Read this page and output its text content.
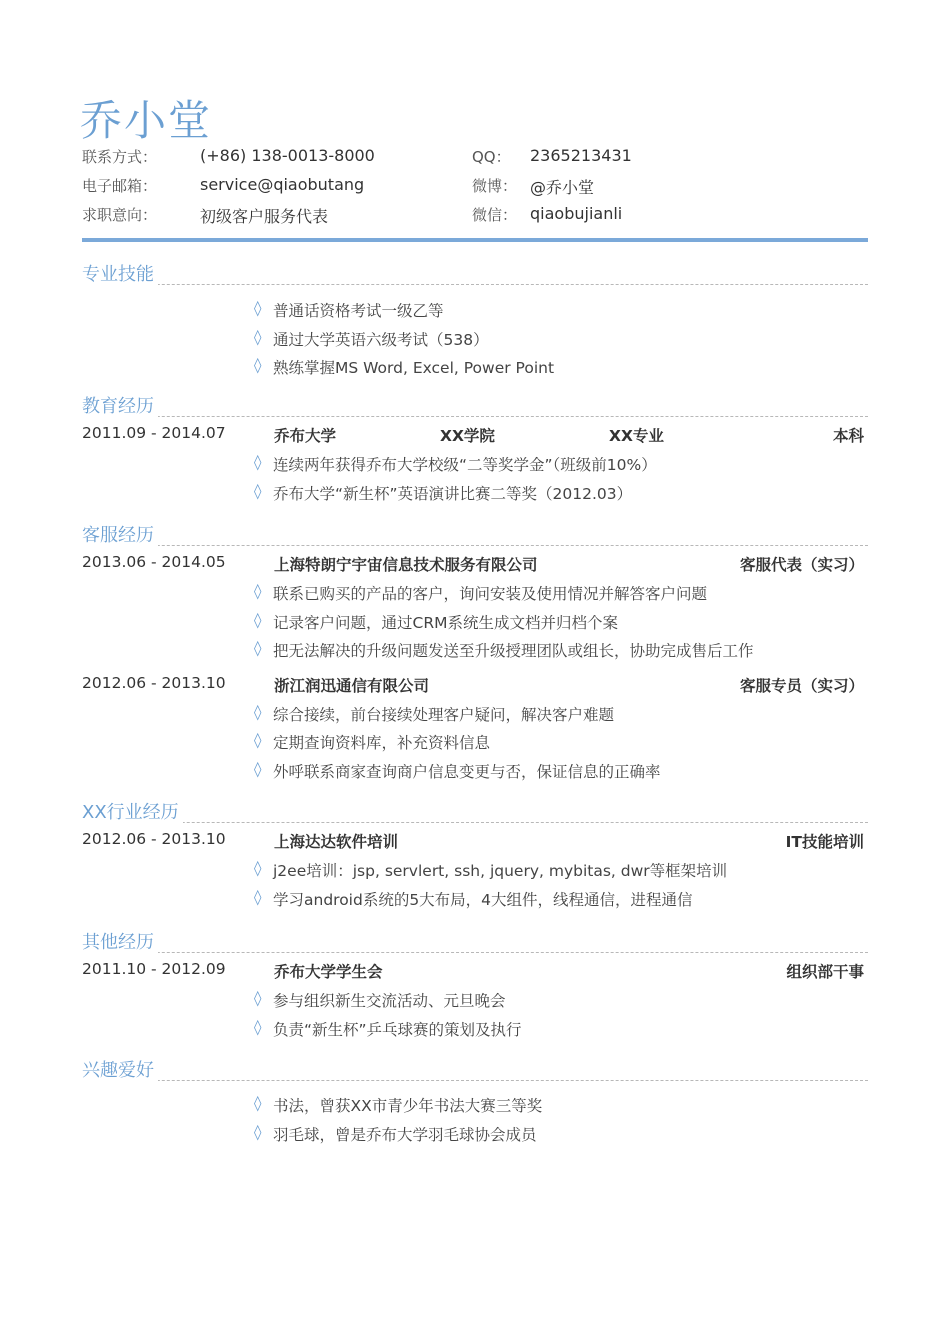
乔小堂
联系方式：	(+86) 138-0013-8000	QQ： 2365213431
电子邮箱：	service@qiaobutang	微博： @乔小堂
求职意向：	初级客户服务代表	微信： qiaobujianli
专业技能
◊ 普通话资格考试一级乙等
◊ 通过大学英语六级考试（538）
◊ 熟练掌握MS Word, Excel, Power Point
教育经历
2011.09 - 2014.07	乔布大学	XX学院	XX专业	本科
◊ 连续两年获得乔布大学校级“二等奖学金”（班级前10%）
◊ 乔布大学“新生杯”英语演讲比赛二等奖（2012.03）
客服经历
2013.06 - 2014.05	上海特朗宁宇宙信息技术服务有限公司	客服代表（实习）
◊ 联系已购买的产品的客户，询问安装及使用情况并解答客户问题
◊ 记录客户问题，通过CRM系统生成文档并归档个案
◊ 把无法解决的升级问题发送至升级授理团队或组长，协助完成售后工作
2012.06 - 2013.10	浙江润迅通信有限公司	客服专员（实习）
◊ 综合接续，前台接续处理客户疑问，解决客户难题
◊ 定期查询资料库，补充资料信息
◊ 外呼联系商家查询商户信息变更与否，保证信息的正确率
XX行业经历
2012.06 - 2013.10	上海达达软件培训	IT技能培训
◊ j2ee培训：jsp, servlert, ssh, jquery, mybitas, dwr等框架培训
◊ 学习android系统的5大布局，4大组件，线程通信，进程通信
其他经历
2011.10 - 2012.09	乔布大学学生会	组织部干事
◊ 参与组织新生交流活动、元旦晚会
◊ 负责“新生杯”乒乓球赛的策划及执行
兴趣爱好
◊ 书法，曾获XX市青少年书法大赛三等奖
◊ 羽毛球，曾是乔布大学羽毛球协会成员
